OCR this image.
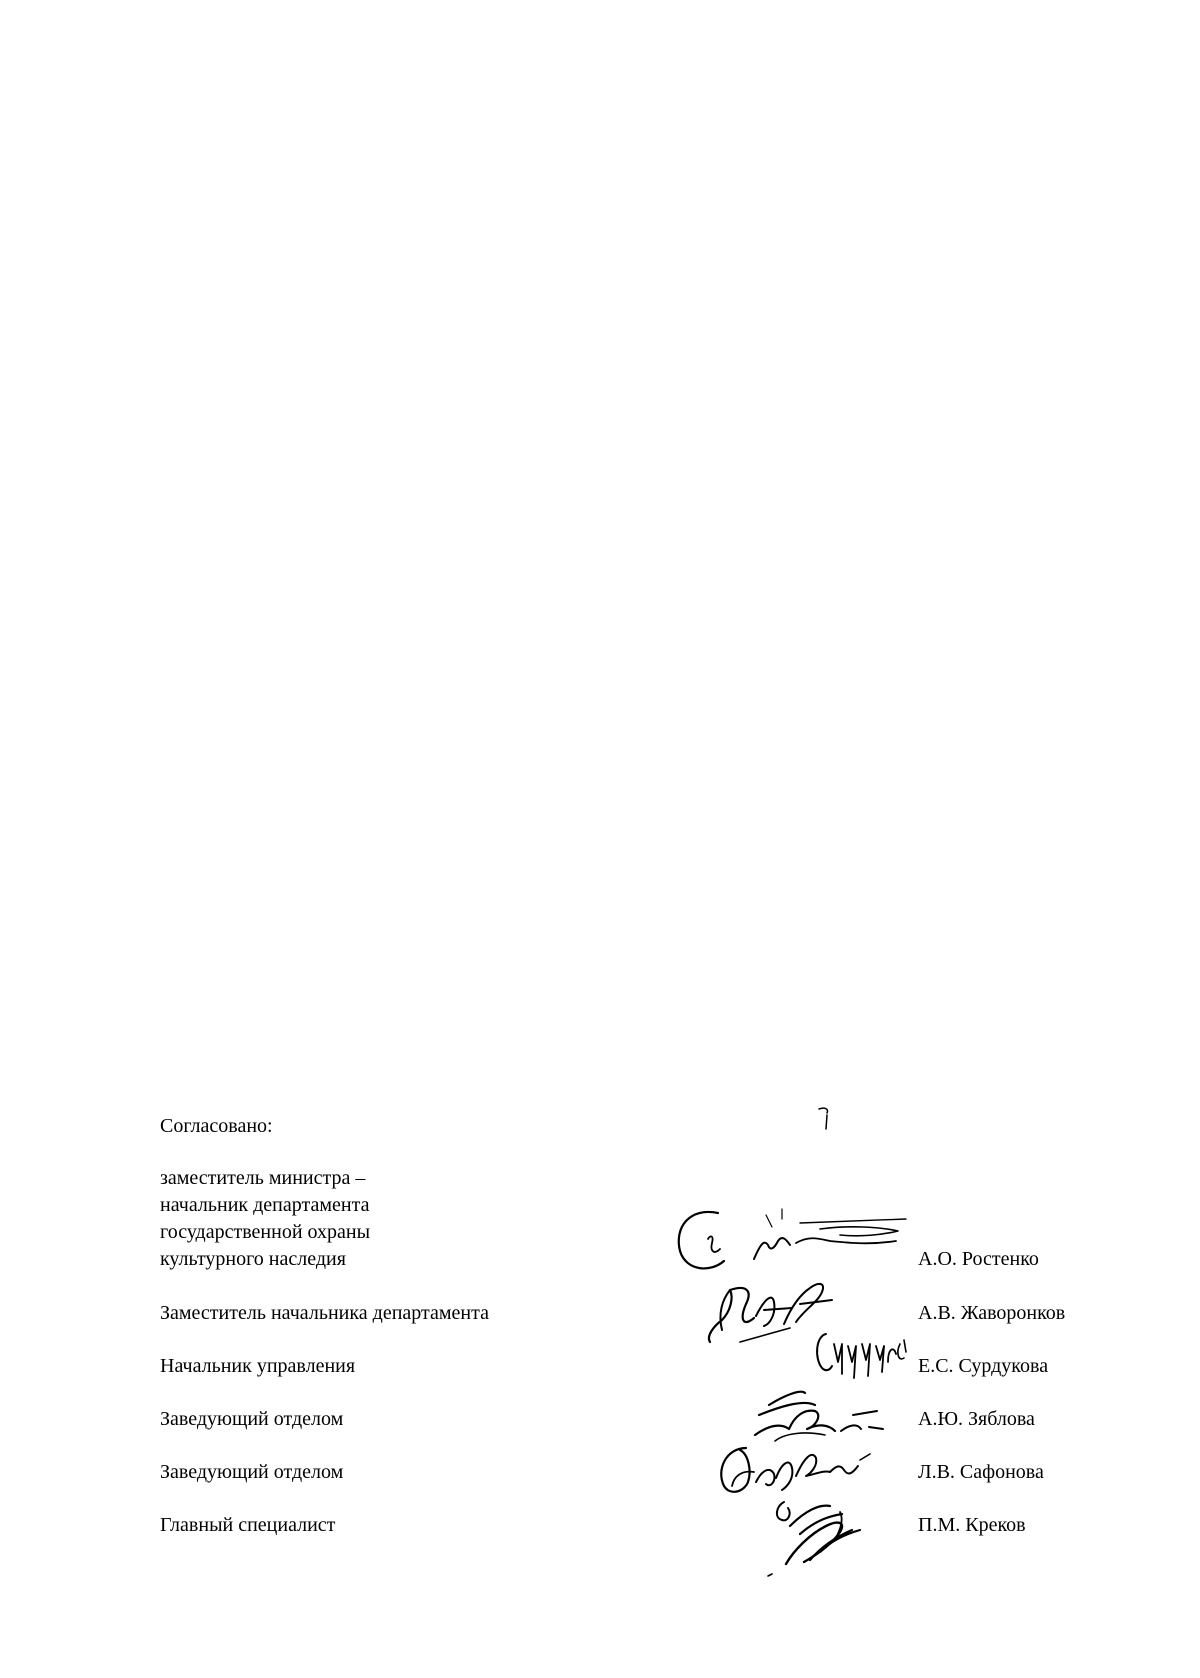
Согласовано:
заместитель министра –
начальник департамента
государственной охраны
культурного наследия	А.О. Ростенко
Заместитель начальника департамента	А.В. Жаворонков
Начальник управления	Е.С. Сурдукова
Заведующий отделом	А.Ю. Зяблова
Заведующий отделом	Л.В. Сафонова
Главный специалист	П.М. Креков
